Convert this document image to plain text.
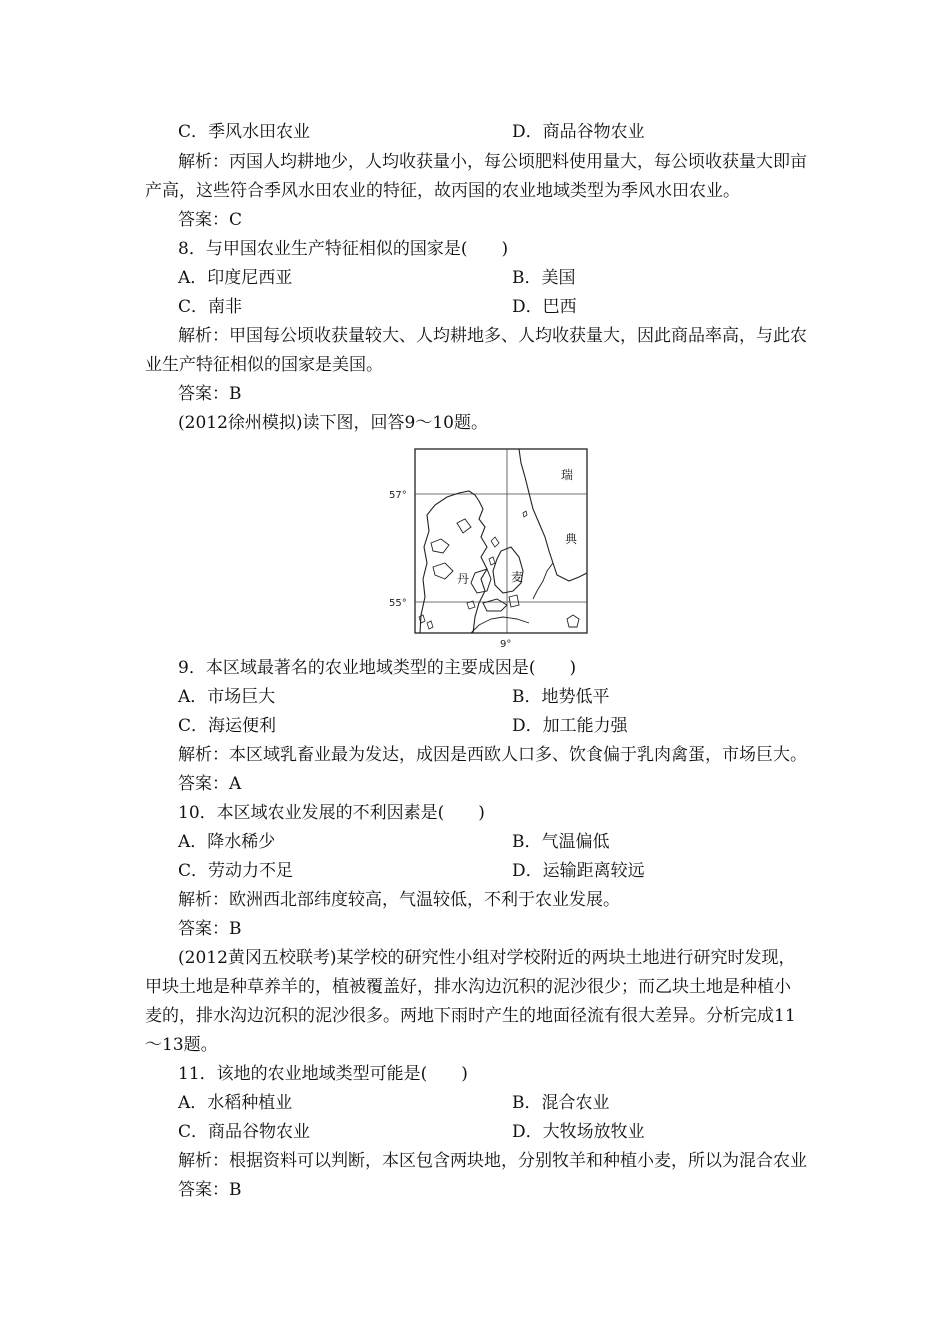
C．季风水田农业	D．商品谷物农业
解析：丙国人均耕地少，人均收获量小，每公顷肥料使用量大，每公顷收获量大即亩
产高，这些符合季风水田农业的特征，故丙国的农业地域类型为季风水田农业。
答案：C
8．与甲国农业生产特征相似的国家是(　　)
A．印度尼西亚	B．美国
C．南非	D．巴西
解析：甲国每公顷收获量较大、人均耕地多、人均收获量大，因此商品率高，与此农
业生产特征相似的国家是美国。
答案：B
(2012徐州模拟)读下图，回答9～10题。
57°
55°
9°
瑞
典
丹	麦
9．本区域最著名的农业地域类型的主要成因是(　　)
A．市场巨大	B．地势低平
C．海运便利	D．加工能力强
解析：本区域乳畜业最为发达，成因是西欧人口多、饮食偏于乳肉禽蛋，市场巨大。
答案：A
10．本区域农业发展的不利因素是(　　)
A．降水稀少	B．气温偏低
C．劳动力不足	D．运输距离较远
解析：欧洲西北部纬度较高，气温较低，不利于农业发展。
答案：B
(2012黄冈五校联考)某学校的研究性小组对学校附近的两块土地进行研究时发现，
甲块土地是种草养羊的，植被覆盖好，排水沟边沉积的泥沙很少；而乙块土地是种植小
麦的，排水沟边沉积的泥沙很多。两地下雨时产生的地面径流有很大差异。分析完成11
～13题。
11．该地的农业地域类型可能是(　　)
A．水稻种植业	B．混合农业
C．商品谷物农业	D．大牧场放牧业
解析：根据资料可以判断，本区包含两块地，分别牧羊和种植小麦，所以为混合农业
答案：B
